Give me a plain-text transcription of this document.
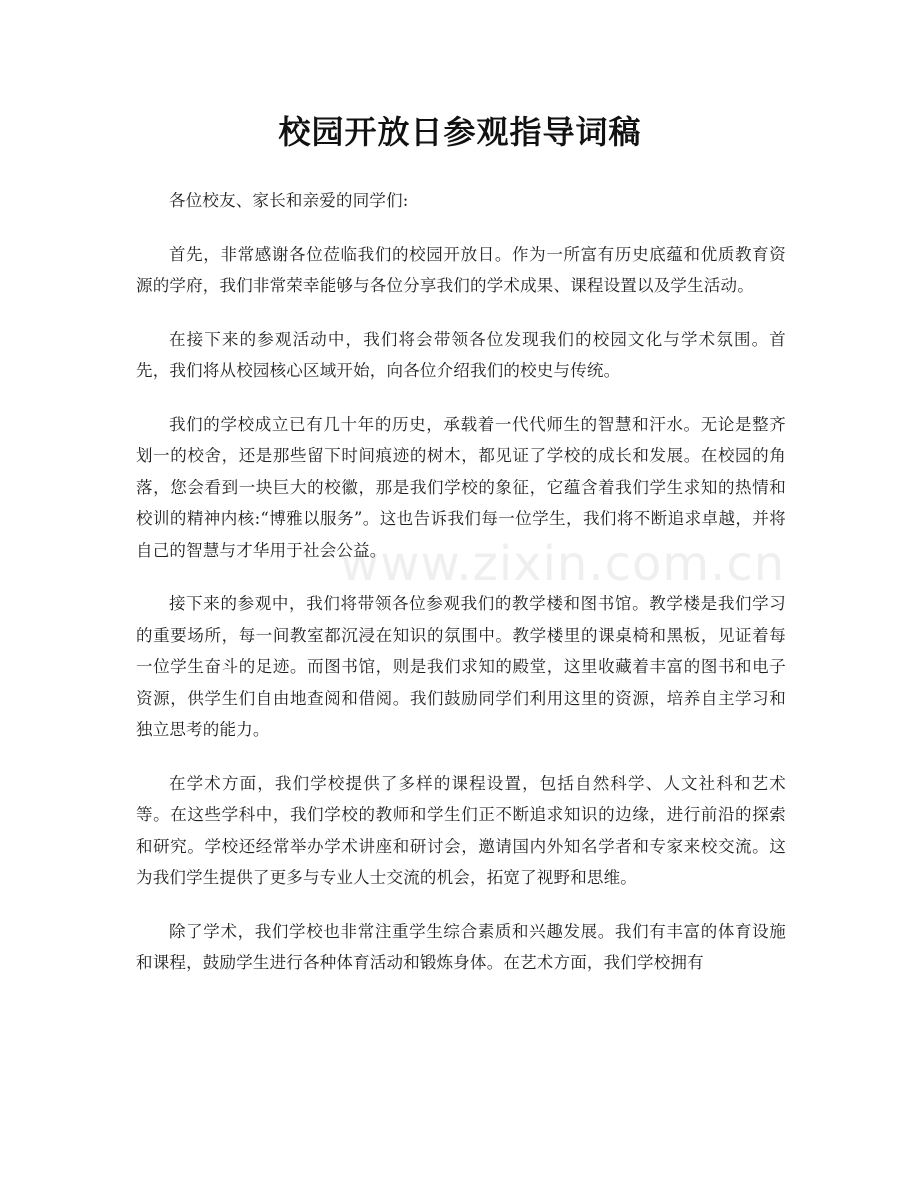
校园开放日参观指导词稿
www.zixin.com.cn

各位校友、家长和亲爱的同学们:

首先，非常感谢各位莅临我们的校园开放日。作为一所富有历史底蕴和优质教育资源的学府，我们非常荣幸能够与各位分享我们的学术成果、课程设置以及学生活动。

在接下来的参观活动中，我们将会带领各位发现我们的校园文化与学术氛围。首先，我们将从校园核心区域开始，向各位介绍我们的校史与传统。

我们的学校成立已有几十年的历史，承载着一代代师生的智慧和汗水。无论是整齐划一的校舍，还是那些留下时间痕迹的树木，都见证了学校的成长和发展。在校园的角落，您会看到一块巨大的校徽，那是我们学校的象征，它蕴含着我们学生求知的热情和校训的精神内核:“博雅以服务”。这也告诉我们每一位学生，我们将不断追求卓越，并将自己的智慧与才华用于社会公益。

接下来的参观中，我们将带领各位参观我们的教学楼和图书馆。教学楼是我们学习的重要场所，每一间教室都沉浸在知识的氛围中。教学楼里的课桌椅和黑板，见证着每一位学生奋斗的足迹。而图书馆，则是我们求知的殿堂，这里收藏着丰富的图书和电子资源，供学生们自由地查阅和借阅。我们鼓励同学们利用这里的资源，培养自主学习和独立思考的能力。

在学术方面，我们学校提供了多样的课程设置，包括自然科学、人文社科和艺术等。在这些学科中，我们学校的教师和学生们正不断追求知识的边缘，进行前沿的探索和研究。学校还经常举办学术讲座和研讨会，邀请国内外知名学者和专家来校交流。这为我们学生提供了更多与专业人士交流的机会，拓宽了视野和思维。

除了学术，我们学校也非常注重学生综合素质和兴趣发展。我们有丰富的体育设施和课程，鼓励学生进行各种体育活动和锻炼身体。在艺术方面，我们学校拥有
